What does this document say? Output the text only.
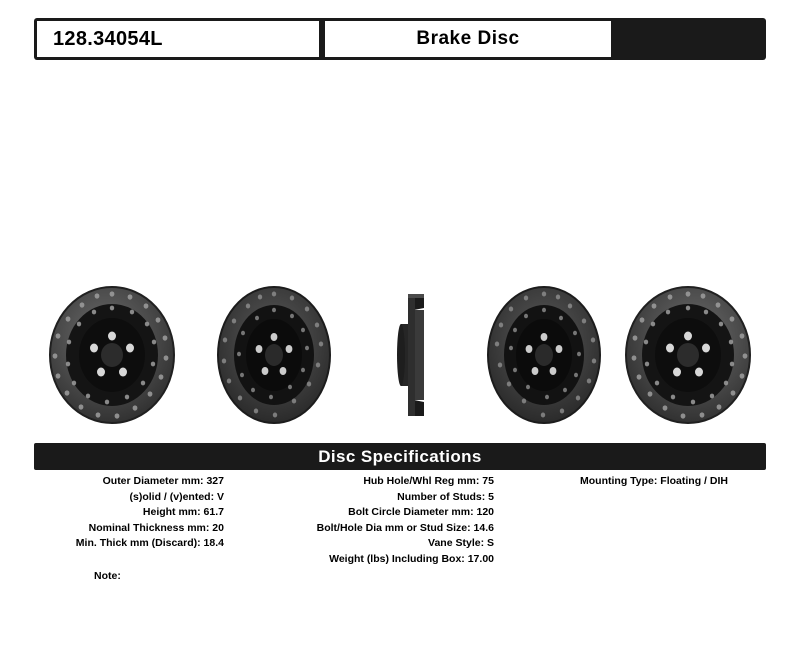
128.34054L	Brake Disc
Disc Specifications
Outer Diameter mm: 327
(s)olid / (v)ented: V
Height mm: 61.7
Nominal Thickness mm: 20
Min. Thick mm (Discard): 18.4
Hub Hole/Whl Reg mm: 75
Number of Studs: 5
Bolt Circle Diameter mm: 120
Bolt/Hole Dia mm or Stud Size: 14.6
Vane Style: S
Weight (lbs) Including Box: 17.00
Mounting Type: Floating / DIH
Note:
